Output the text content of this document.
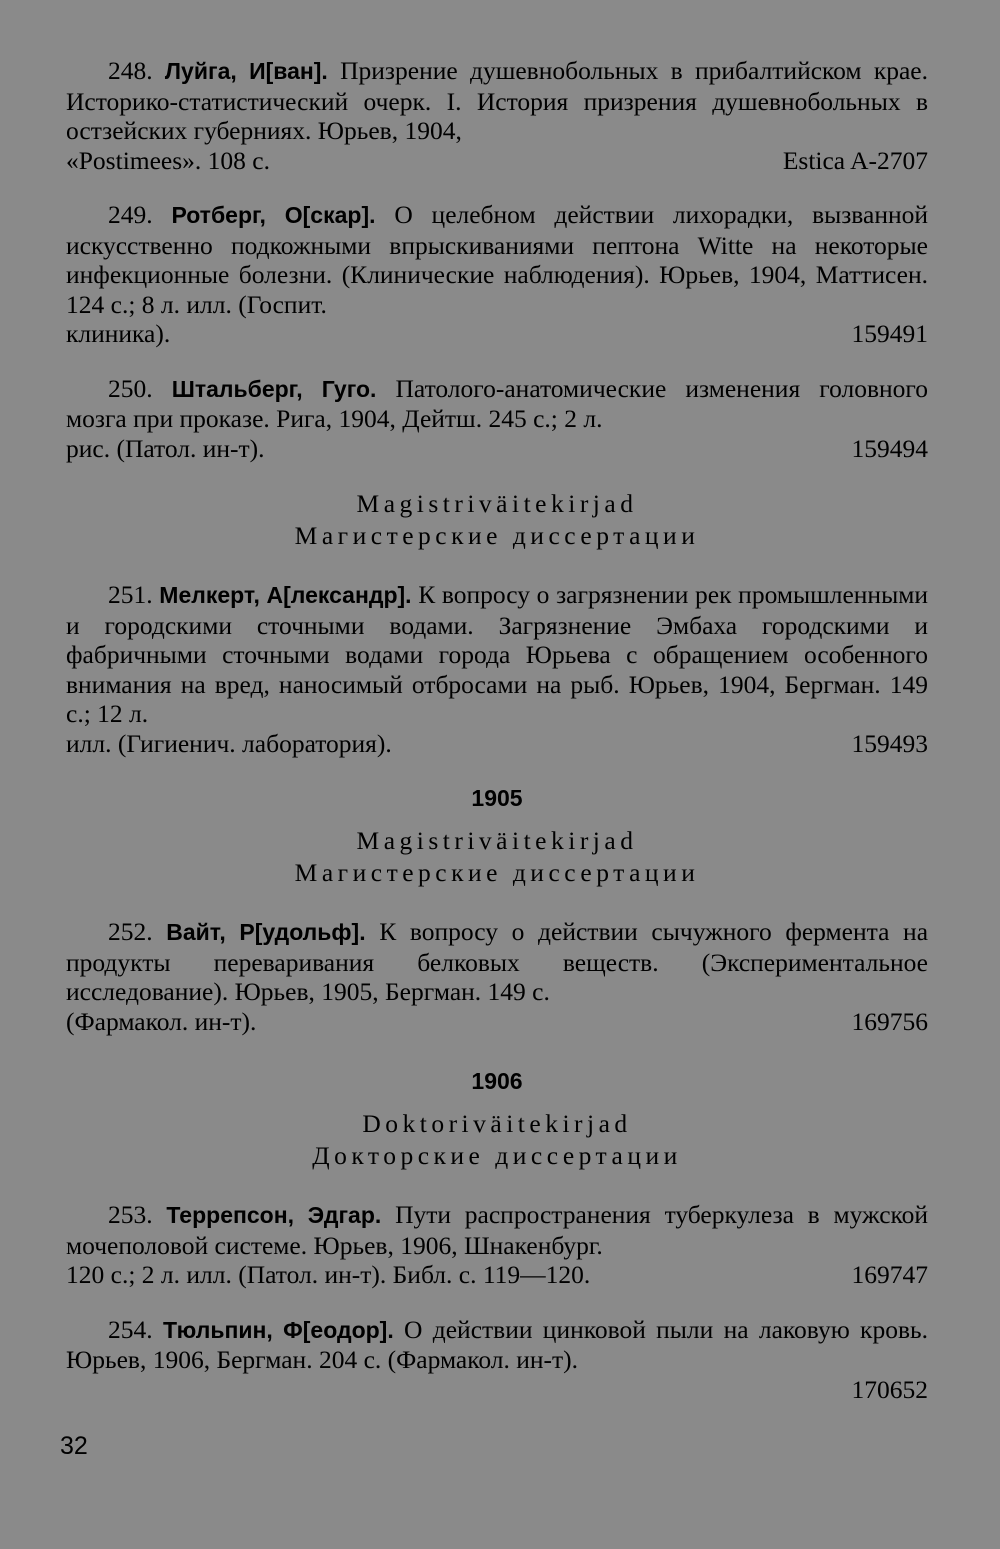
248. Луйга, И[ван]. Призрение душевнобольных в прибалтийском крае. Историко-статистический очерк. I. История призрения душевнобольных в остзейских губерниях. Юрьев, 1904,
«Postimees». 108 с.	Estica A-2707
249. Ротберг, О[скар]. О целебном действии лихорадки, вызванной искусственно подкожными впрыскиваниями пептона Witte на некоторые инфекционные болезни. (Клинические наблюдения). Юрьев, 1904, Маттисен. 124 с.; 8 л. илл. (Госпит.
клиника).	159491
250. Штальберг, Гуго. Патолого-анатомические изменения головного мозга при проказе. Рига, 1904, Дейтш. 245 с.; 2 л.
рис. (Патол. ин-т).	159494
Magistriväitekirjad
Магистерские диссертации
251. Мелкерт, А[лександр]. К вопросу о загрязнении рек промышленными и городскими сточными водами. Загрязнение Эмбаха городскими и фабричными сточными водами города Юрьева с обращением особенного внимания на вред, наносимый отбросами на рыб. Юрьев, 1904, Бергман. 149 с.; 12 л.
илл. (Гигиенич. лаборатория).	159493
1905
Magistriväitekirjad
Магистерские диссертации
252. Вайт, Р[удольф]. К вопросу о действии сычужного фермента на продукты переваривания белковых веществ. (Экспериментальное исследование). Юрьев, 1905, Бергман. 149 с.
(Фармакол. ин-т).	169756
1906
Doktoriväitekirjad
Докторские диссертации
253. Террепсон, Эдгар. Пути распространения туберкулеза в мужской мочеполовой системе. Юрьев, 1906, Шнакенбург.
120 с.; 2 л. илл. (Патол. ин-т). Библ. с. 119—120.	169747
254. Тюльпин, Ф[еодор]. О действии цинковой пыли на лаковую кровь. Юрьев, 1906, Бергман. 204 с. (Фармакол. ин-т).
170652
32
